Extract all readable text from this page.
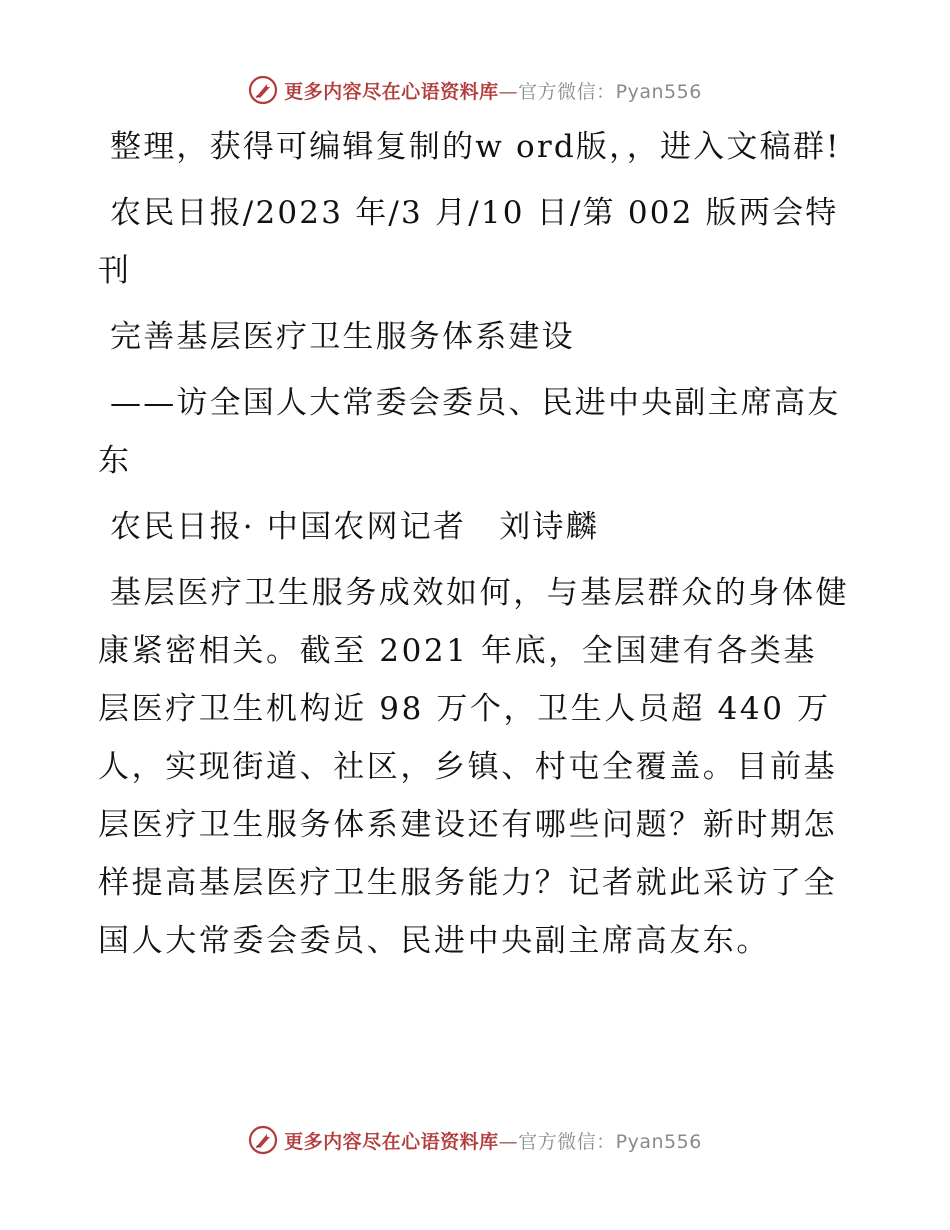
更多内容尽在心语资料库—官方微信：Pyan556

整理，获得可编辑复制的w ord版，，进入文稿群!

农民日报/2023 年/3 月/10 日/第 002 版两会特刊

完善基层医疗卫生服务体系建设

——访全国人大常委会委员、民进中央副主席高友东

农民日报· 中国农网记者　刘诗麟

基层医疗卫生服务成效如何，与基层群众的身体健康紧密相关。截至 2021 年底，全国建有各类基层医疗卫生机构近 98 万个，卫生人员超 440 万人，实现街道、社区，乡镇、村屯全覆盖。目前基层医疗卫生服务体系建设还有哪些问题？新时期怎样提高基层医疗卫生服务能力？记者就此采访了全国人大常委会委员、民进中央副主席高友东。

更多内容尽在心语资料库—官方微信：Pyan556
